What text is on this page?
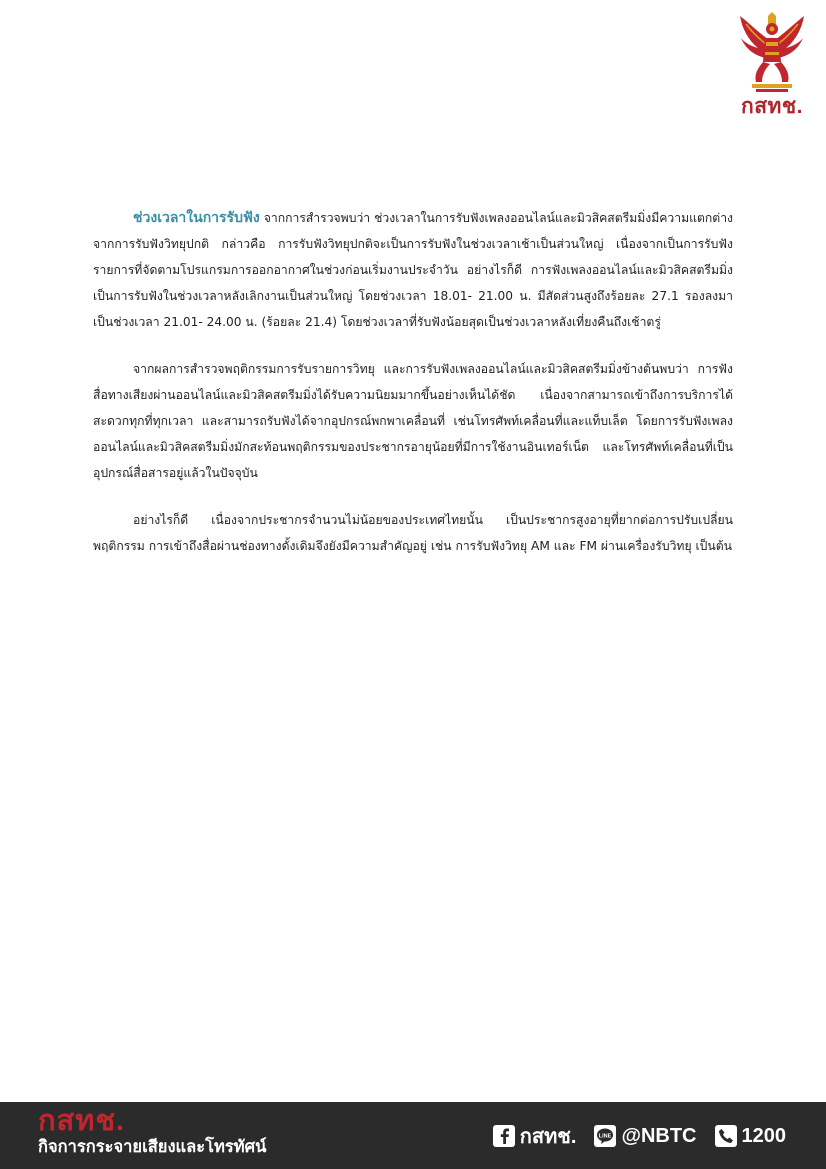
กสทช.

ช่วงเวลาในการรับฟัง จากการสำรวจพบว่า ช่วงเวลาในการรับฟังเพลงออนไลน์และมิวสิคสตรีมมิ่งมีความแตกต่างจากการรับฟังวิทยุปกติ กล่าวคือ การรับฟังวิทยุปกติจะเป็นการรับฟังในช่วงเวลาเช้าเป็นส่วนใหญ่ เนื่องจากเป็นการรับฟังรายการที่จัดตามโปรแกรมการออกอากาศในช่วงก่อนเริ่มงานประจำวัน อย่างไรก็ดี การฟังเพลงออนไลน์และมิวสิคสตรีมมิ่งเป็นการรับฟังในช่วงเวลาหลังเลิกงานเป็นส่วนใหญ่ โดยช่วงเวลา 18.01- 21.00 น. มีสัดส่วนสูงถึงร้อยละ 27.1 รองลงมาเป็นช่วงเวลา 21.01- 24.00 น. (ร้อยละ 21.4) โดยช่วงเวลาที่รับฟังน้อยสุดเป็นช่วงเวลาหลังเที่ยงคืนถึงเช้าตรู่

จากผลการสำรวจพฤติกรรมการรับรายการวิทยุ และการรับฟังเพลงออนไลน์และมิวสิคสตรีมมิ่งข้างต้นพบว่า การฟังสื่อทางเสียงผ่านออนไลน์และมิวสิคสตรีมมิ่งได้รับความนิยมมากขึ้นอย่างเห็นได้ชัด เนื่องจากสามารถเข้าถึงการบริการได้สะดวกทุกที่ทุกเวลา และสามารถรับฟังได้จากอุปกรณ์พกพาเคลื่อนที่ เช่นโทรศัพท์เคลื่อนที่และแท็บเล็ต โดยการรับฟังเพลงออนไลน์และมิวสิคสตรีมมิ่งมักสะท้อนพฤติกรรมของประชากรอายุน้อยที่มีการใช้งานอินเทอร์เน็ต และโทรศัพท์เคลื่อนที่เป็นอุปกรณ์สื่อสารอยู่แล้วในปัจจุบัน

อย่างไรก็ดี เนื่องจากประชากรจำนวนไม่น้อยของประเทศไทยนั้น เป็นประชากรสูงอายุที่ยากต่อการปรับเปลี่ยนพฤติกรรม การเข้าถึงสื่อผ่านช่องทางดั้งเดิมจึงยังมีความสำคัญอยู่ เช่น การรับฟังวิทยุ AM และ FM ผ่านเครื่องรับวิทยุ เป็นต้น

กสทช.
กิจการกระจายเสียงและโทรทัศน์	กสทช.	LINE @NBTC 1200
